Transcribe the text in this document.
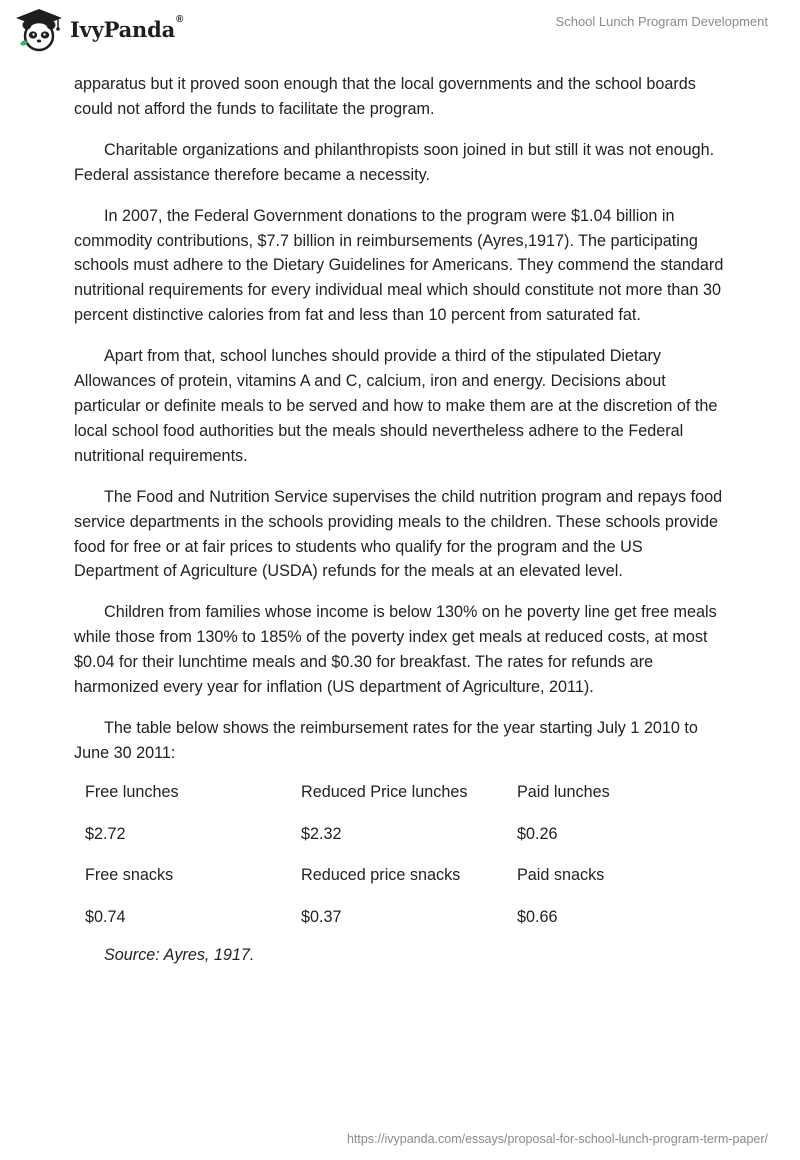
IvyPanda®	School Lunch Program Development

apparatus but it proved soon enough that the local governments and the school boards could not afford the funds to facilitate the program.

Charitable organizations and philanthropists soon joined in but still it was not enough. Federal assistance therefore became a necessity.

In 2007, the Federal Government donations to the program were $1.04 billion in commodity contributions, $7.7 billion in reimbursements (Ayres,1917). The participating schools must adhere to the Dietary Guidelines for Americans. They commend the standard nutritional requirements for every individual meal which should constitute not more than 30 percent distinctive calories from fat and less than 10 percent from saturated fat.

Apart from that, school lunches should provide a third of the stipulated Dietary Allowances of protein, vitamins A and C, calcium, iron and energy. Decisions about particular or definite meals to be served and how to make them are at the discretion of the local school food authorities but the meals should nevertheless adhere to the Federal nutritional requirements.

The Food and Nutrition Service supervises the child nutrition program and repays food service departments in the schools providing meals to the children. These schools provide food for free or at fair prices to students who qualify for the program and the US Department of Agriculture (USDA) refunds for the meals at an elevated level.

Children from families whose income is below 130% on he poverty line get free meals while those from 130% to 185% of the poverty index get meals at reduced costs, at most $0.04 for their lunchtime meals and $0.30 for breakfast. The rates for refunds are harmonized every year for inflation (US department of Agriculture, 2011).

The table below shows the reimbursement rates for the year starting July 1 2010 to June 30 2011:

Free lunches	Reduced Price lunches	Paid lunches
$2.72	$2.32	$0.26
Free snacks	Reduced price snacks	Paid snacks
$0.74	$0.37	$0.66
Source: Ayres, 1917.
https://ivypanda.com/essays/proposal-for-school-lunch-program-term-paper/
